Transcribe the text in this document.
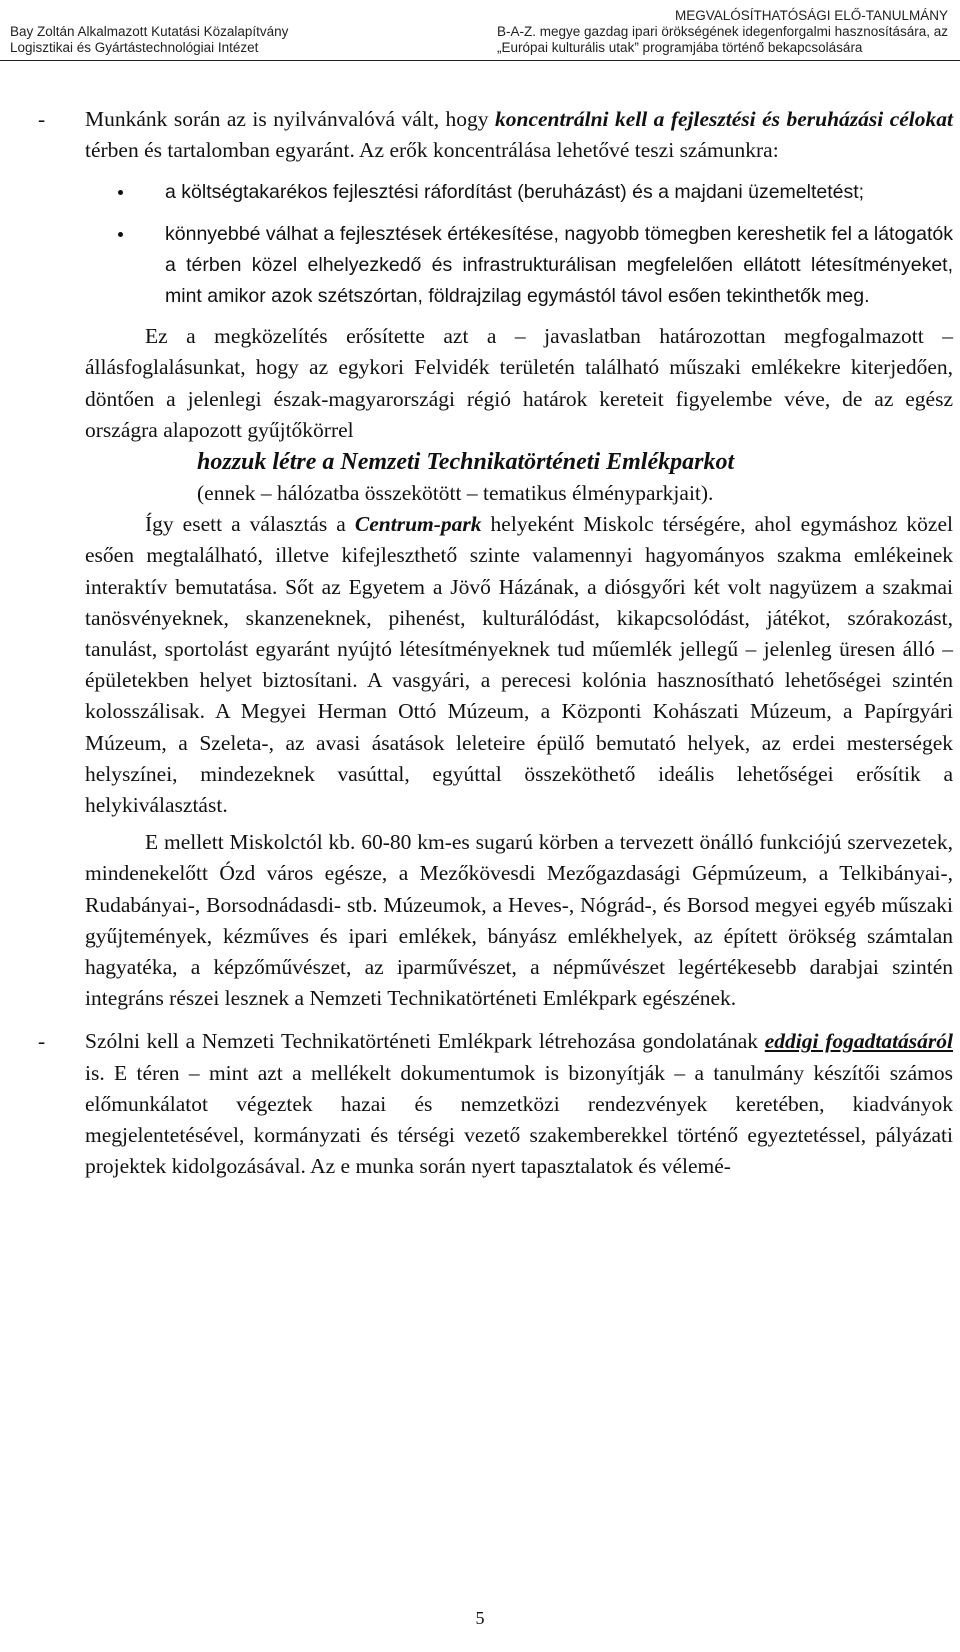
Bay Zoltán Alkalmazott Kutatási Közalapítvány
Logisztikai és Gyártástechnológiai Intézet
MEGVALÓSÍTHATÓSÁGI ELŐ-TANULMÁNY
B-A-Z. megye gazdag ipari örökségének idegenforgalmi hasznosítására, az
„Európai kulturális utak” programjába történő bekapcsolására

- Munkánk során az is nyilvánvalóvá vált, hogy koncentrálni kell a fejlesztési és beruházási célokat térben és tartalomban egyaránt. Az erők koncentrálása lehetővé teszi számunkra:

a költségtakarékos fejlesztési ráfordítást (beruházást) és a majdani üzemeltetést;
könnyebbé válhat a fejlesztések értékesítése, nagyobb tömegben kereshetik fel a látogatók a térben közel elhelyezkedő és infrastrukturálisan megfelelően ellátott létesítményeket, mint amikor azok szétszórtan, földrajzilag egymástól távol esően tekinthetők meg.

Ez a megközelítés erősítette azt a – javaslatban határozottan megfogalmazott – állásfoglalásunkat, hogy az egykori Felvidék területén található műszaki emlékekre kiterjedően, döntően a jelenlegi észak-magyarországi régió határok kereteit figyelembe véve, de az egész országra alapozott gyűjtőkörrel

hozzuk létre a Nemzeti Technikatörténeti Emlékparkot

(ennek – hálózatba összekötött – tematikus élményparkjait).

Így esett a választás a Centrum-park helyeként Miskolc térségére, ahol egymáshoz közel esően megtalálható, illetve kifejleszthető szinte valamennyi hagyományos szakma emlékeinek interaktív bemutatása. Sőt az Egyetem a Jövő Házának, a diósgyőri két volt nagyüzem a szakmai tanösvényeknek, skanzeneknek, pihenést, kulturálódást, kikapcsolódást, játékot, szórakozást, tanulást, sportolást egyaránt nyújtó létesítményeknek tud műemlék jellegű – jelenleg üresen álló – épületekben helyet biztosítani. A vasgyári, a perecesi kolónia hasznosítható lehetőségei szintén kolosszálisak. A Megyei Herman Ottó Múzeum, a Központi Kohászati Múzeum, a Papírgyári Múzeum, a Szeleta-, az avasi ásatások leleteire épülő bemutató helyek, az erdei mesterségek helyszínei, mindezeknek vasúttal, egyúttal összeköthető ideális lehetőségei erősítik a helykiválasztást.

E mellett Miskolctól kb. 60-80 km-es sugarú körben a tervezett önálló funkciójú szervezetek, mindenekelőtt Ózd város egésze, a Mezőkövesdi Mezőgazdasági Gépmúzeum, a Telkibányai-, Rudabányai-, Borsodnádasdi- stb. Múzeumok, a Heves-, Nógrád-, és Borsod megyei egyéb műszaki gyűjtemények, kézműves és ipari emlékek, bányász emlékhelyek, az épített örökség számtalan hagyatéka, a képzőművészet, az iparművészet, a népművészet legértékesebb darabjai szintén integráns részei lesznek a Nemzeti Technikatörténeti Emlékpark egészének.

- Szólni kell a Nemzeti Technikatörténeti Emlékpark létrehozása gondolatának eddigi fogadtatásáról is. E téren – mint azt a mellékelt dokumentumok is bizonyítják – a tanulmány készítői számos előmunkálatot végeztek hazai és nemzetközi rendezvények keretében, kiadványok megjelentetésével, kormányzati és térségi vezető szakemberekkel történő egyeztetéssel, pályázati projektek kidolgozásával. Az e munka során nyert tapasztalatok és vélemé-

5
